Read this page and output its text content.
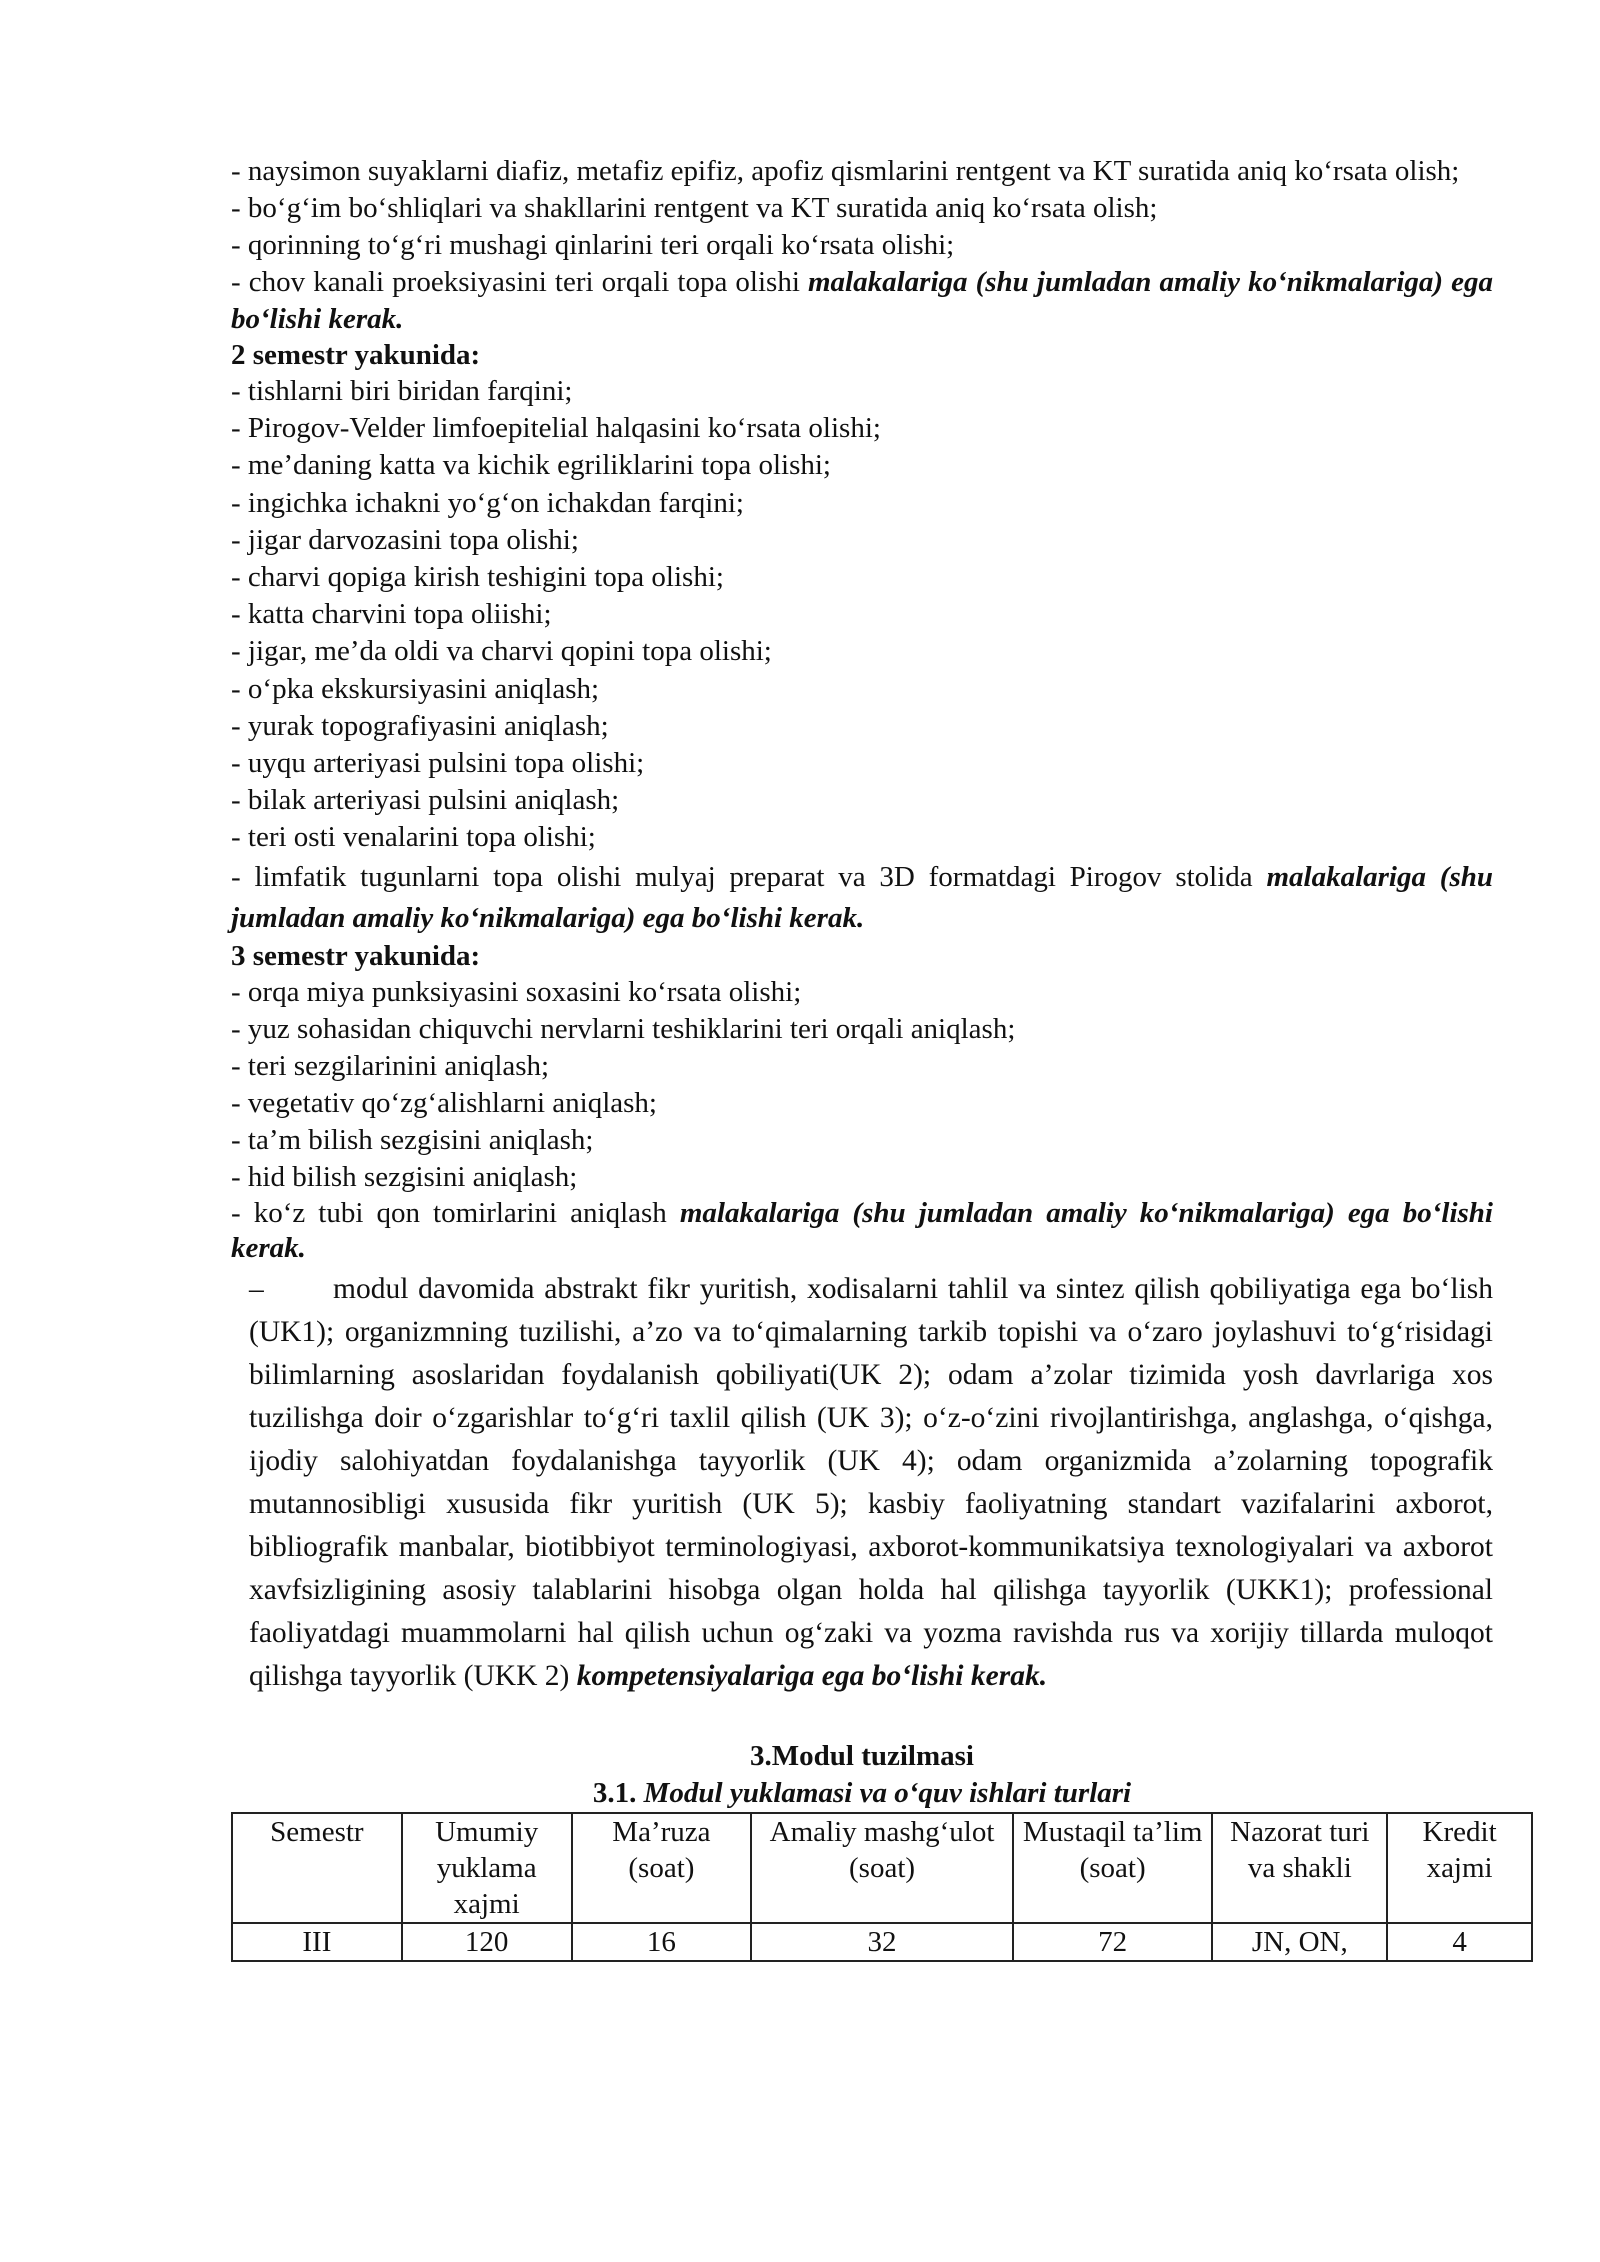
- naysimon suyaklarni diafiz, metafiz epifiz, apofiz qismlarini rentgent va KT suratida aniq ko‘rsata olish;

- bo‘g‘im bo‘shliqlari va shakllarini rentgent va KT suratida aniq ko‘rsata olish;

- qorinning to‘g‘ri mushagi qinlarini teri orqali ko‘rsata olishi;

- chov kanali proeksiyasini teri orqali topa olishi malakalariga (shu jumladan amaliy ko‘nikmalariga) ega bo‘lishi kerak.

2 semestr yakunida:

- tishlarni biri biridan farqini;

- Pirogov-Velder limfoepitelial halqasini ko‘rsata olishi;

- me’daning katta va kichik egriliklarini topa olishi;

- ingichka ichakni yo‘g‘on ichakdan farqini;

- jigar darvozasini topa olishi;

- charvi qopiga kirish teshigini topa olishi;

- katta charvini topa oliishi;

- jigar, me’da oldi va charvi qopini topa olishi;

- o‘pka ekskursiyasini aniqlash;

- yurak topografiyasini aniqlash;

- uyqu arteriyasi pulsini topa olishi;

- bilak arteriyasi pulsini aniqlash;

- teri osti venalarini topa olishi;

- limfatik tugunlarni topa olishi mulyaj preparat va 3D formatdagi Pirogov stolida malakalariga (shu jumladan amaliy ko‘nikmalariga) ega bo‘lishi kerak.

3 semestr yakunida:

- orqa miya punksiyasini soxasini ko‘rsata olishi;

- yuz sohasidan chiquvchi nervlarni teshiklarini teri orqali aniqlash;

- teri sezgilarinini aniqlash;

- vegetativ qo‘zg‘alishlarni aniqlash;

- ta’m bilish sezgisini aniqlash;

- hid bilish sezgisini aniqlash;

- ko‘z tubi qon tomirlarini aniqlash malakalariga (shu jumladan amaliy ko‘nikmalariga) ega bo‘lishi kerak.

– modul davomida abstrakt fikr yuritish, xodisalarni tahlil va sintez qilish qobiliyatiga ega bo‘lish (UK1); organizmning tuzilishi, a’zo va to‘qimalarning tarkib topishi va o‘zaro joylashuvi to‘g‘risidagi bilimlarning asoslaridan foydalanish qobiliyati(UK 2); odam a’zolar tizimida yosh davrlariga xos tuzilishga doir o‘zgarishlar to‘g‘ri taxlil qilish (UK 3); o‘z-o‘zini rivojlantirishga, anglashga, o‘qishga, ijodiy salohiyatdan foydalanishga tayyorlik (UK 4); odam organizmida a’zolarning topografik mutannosibligi xususida fikr yuritish (UK 5); kasbiy faoliyatning standart vazifalarini axborot, bibliografik manbalar, biotibbiyot terminologiyasi, axborot-kommunikatsiya texnologiyalari va axborot xavfsizligining asosiy talablarini hisobga olgan holda hal qilishga tayyorlik (UKK1); professional faoliyatdagi muammolarni hal qilish uchun og‘zaki va yozma ravishda rus va xorijiy tillarda muloqot qilishga tayyorlik (UKK 2) kompetensiyalariga ega bo‘lishi kerak.

3.Modul tuzilmasi

3.1. Modul yuklamasi va o‘quv ishlari turlari

Semestr	Umumiy yuklama xajmi	Ma’ruza (soat)	Amaliy mashg‘ulot (soat)	Mustaqil ta’lim (soat)	Nazorat turi va shakli	Kredit xajmi
III	120	16	32	72	JN, ON,	4
